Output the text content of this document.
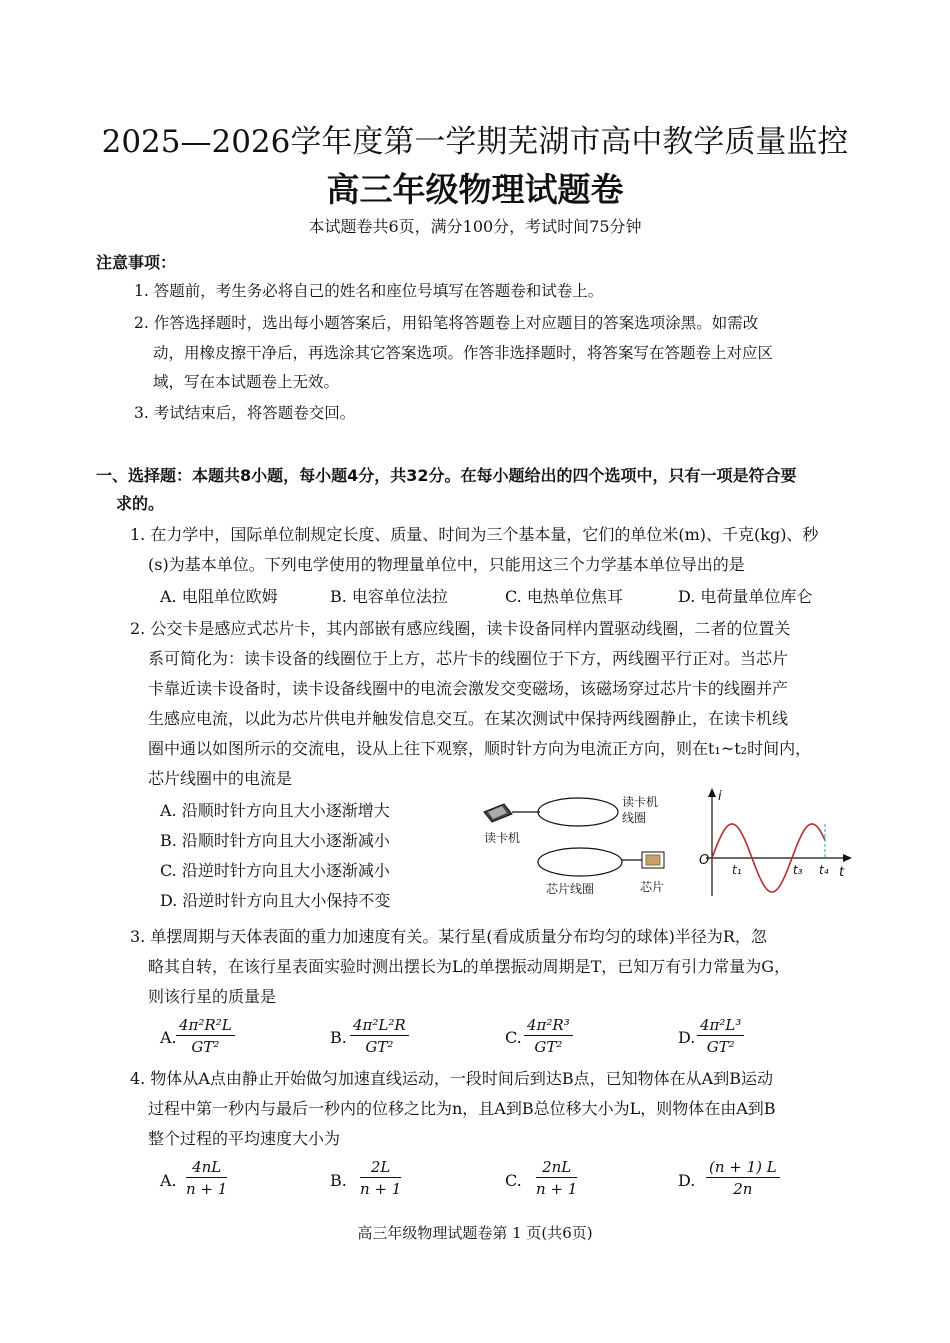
2025—2026学年度第一学期芜湖市高中教学质量监控
高三年级物理试题卷
本试题卷共6页，满分100分，考试时间75分钟
注意事项：
1. 答题前，考生务必将自己的姓名和座位号填写在答题卷和试卷上。
2. 作答选择题时，选出每小题答案后，用铅笔将答题卷上对应题目的答案选项涂黑。如需改
动，用橡皮擦干净后，再选涂其它答案选项。作答非选择题时，将答案写在答题卷上对应区
域，写在本试题卷上无效。
3. 考试结束后，将答题卷交回。
一、选择题：本题共8小题，每小题4分，共32分。在每小题给出的四个选项中，只有一项是符合要
求的。
1. 在力学中，国际单位制规定长度、质量、时间为三个基本量，它们的单位米(m)、千克(kg)、秒
(s)为基本单位。下列电学使用的物理量单位中，只能用这三个力学基本单位导出的是
A. 电阻单位欧姆	B. 电容单位法拉	C. 电热单位焦耳	D. 电荷量单位库仑
2. 公交卡是感应式芯片卡，其内部嵌有感应线圈，读卡设备同样内置驱动线圈，二者的位置关
系可简化为：读卡设备的线圈位于上方，芯片卡的线圈位于下方，两线圈平行正对。当芯片
卡靠近读卡设备时，读卡设备线圈中的电流会激发交变磁场，该磁场穿过芯片卡的线圈并产
生感应电流，以此为芯片供电并触发信息交互。在某次测试中保持两线圈静止，在读卡机线
圈中通以如图所示的交流电，设从上往下观察，顺时针方向为电流正方向，则在t₁~t₂时间内，
芯片线圈中的电流是
A. 沿顺时针方向且大小逐渐增大
B. 沿顺时针方向且大小逐渐减小
C. 沿逆时针方向且大小逐渐减小
D. 沿逆时针方向且大小保持不变
读卡机
读卡机
线圈
芯片线圈	芯片
i
t
O
t₁	t₃ t₄
3. 单摆周期与天体表面的重力加速度有关。某行星(看成质量分布均匀的球体)半径为R，忽
略其自转，在该行星表面实验时测出摆长为L的单摆振动周期是T，已知万有引力常量为G，
则该行星的质量是
A. $\frac{\text{4π²R²L}}{\text{GT²}}$	B. $\frac{\text{4π²L²R}}{\text{GT²}}$	C. $\frac{\text{4π²R³}}{\text{GT²}}$	D. $\frac{\text{4π²L³}}{\text{GT²}}$
4. 物体从A点由静止开始做匀加速直线运动，一段时间后到达B点，已知物体在从A到B运动
过程中第一秒内与最后一秒内的位移之比为n，且A到B总位移大小为L，则物体在由A到B
整个过程的平均速度大小为
A. $\frac{4nL}{n + 1}$	B. $\frac{2L}{n + 1}$	C. $\frac{2nL}{n + 1}$	D. $\frac{(n + 1) L}{2n}$
高三年级物理试题卷第 1 页(共6页)
